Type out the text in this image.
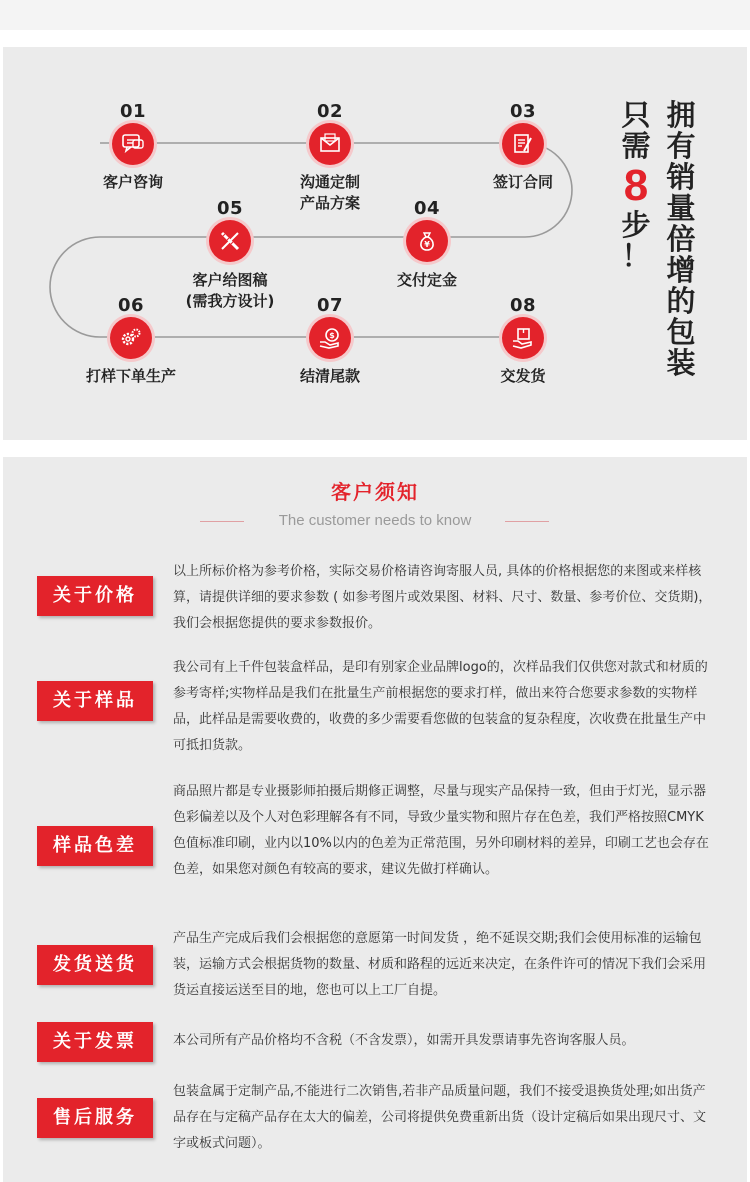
只
需
8
步
！
拥
有
销
量
倍
增
的
包
装
01
客户咨询
02
沟通定制
产品方案
03
签订合同
04
¥
交付定金
05
客户给图稿
(需我方设计)
06
打样下单生产
07
$
结清尾款
08
交发货
客户须知
The customer needs to know
关于价格
以上所标价格为参考价格，实际交易价格请咨询寄服人员, 具体的价格根据您的来图或来样核算，请提供详细的要求参数 ( 如参考图片或效果图、材料、尺寸、数量、参考价位、交货期)，我们会根据您提供的要求参数报价。
关于样品
我公司有上千件包装盒样品，是印有别家企业品牌logo的，次样品我们仅供您对款式和材质的参考寄样;实物样品是我们在批量生产前根据您的要求打样，做出来符合您要求参数的实物样品，此样品是需要收费的，收费的多少需要看您做的包装盒的复杂程度，次收费在批量生产中可抵扣货款。
样品色差
商品照片都是专业摄影师拍摄后期修正调整，尽量与现实产品保持一致，但由于灯光，显示器色彩偏差以及个人对色彩理解各有不同，导致少量实物和照片存在色差，我们严格按照CMYK色值标准印刷，业内以10%以内的色差为正常范围，另外印刷材料的差异，印刷工艺也会存在色差，如果您对颜色有较高的要求，建议先做打样确认。
发货送货
产品生产完成后我们会根据您的意愿第一时间发货 ，绝不延误交期;我们会使用标准的运输包装，运输方式会根据货物的数量、材质和路程的远近来决定，在条件许可的情况下我们会采用货运直接运送至目的地，您也可以上工厂自提。
关于发票	本公司所有产品价格均不含税（不含发票），如需开具发票请事先咨询客服人员。
售后服务
包装盒属于定制产品,不能进行二次销售,若非产品质量问题，我们不接受退换货处理;如出货产品存在与定稿产品存在太大的偏差，公司将提供免费重新出货（设计定稿后如果出现尺寸、文字或板式问题）。
